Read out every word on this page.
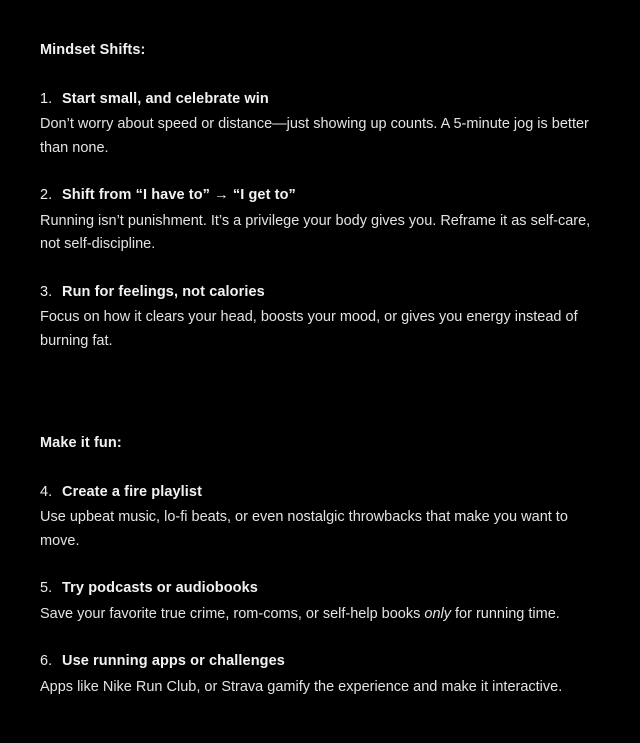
Mindset Shifts:
1. Start small, and celebrate win

Don’t worry about speed or distance—just showing up counts. A 5-minute jog is better than none.

2. Shift from “I have to” → “I get to”

Running isn’t punishment. It’s a privilege your body gives you. Reframe it as self-care, not self-discipline.

3. Run for feelings, not calories

Focus on how it clears your head, boosts your mood, or gives you energy instead of burning fat.

Make it fun:
4. Create a fire playlist

Use upbeat music, lo-fi beats, or even nostalgic throwbacks that make you want to move.

5. Try podcasts or audiobooks

Save your favorite true crime, rom-coms, or self-help books only for running time.

6. Use running apps or challenges

Apps like Nike Run Club, or Strava gamify the experience and make it interactive.
